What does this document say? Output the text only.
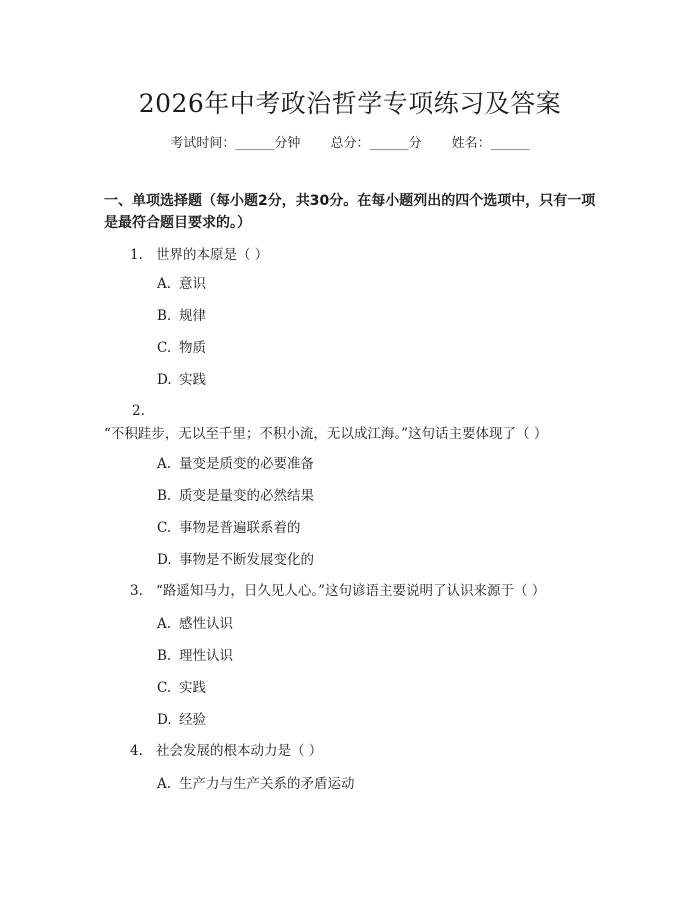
2026年中考政治哲学专项练习及答案
考试时间：______分钟 总分：______分 姓名：______
一、单项选择题（每小题2分，共30分。在每小题列出的四个选项中，只有一项是最符合题目要求的。）
1. 世界的本原是（ ）
A. 意识
B. 规律
C. 物质
D. 实践
2.“不积跬步，无以至千里；不积小流，无以成江海。”这句话主要体现了（ ）
A. 量变是质变的必要准备
B. 质变是量变的必然结果
C. 事物是普遍联系着的
D. 事物是不断发展变化的
3. “路遥知马力，日久见人心。”这句谚语主要说明了认识来源于（ ）
A. 感性认识
B. 理性认识
C. 实践
D. 经验
4. 社会发展的根本动力是（ ）
A. 生产力与生产关系的矛盾运动
